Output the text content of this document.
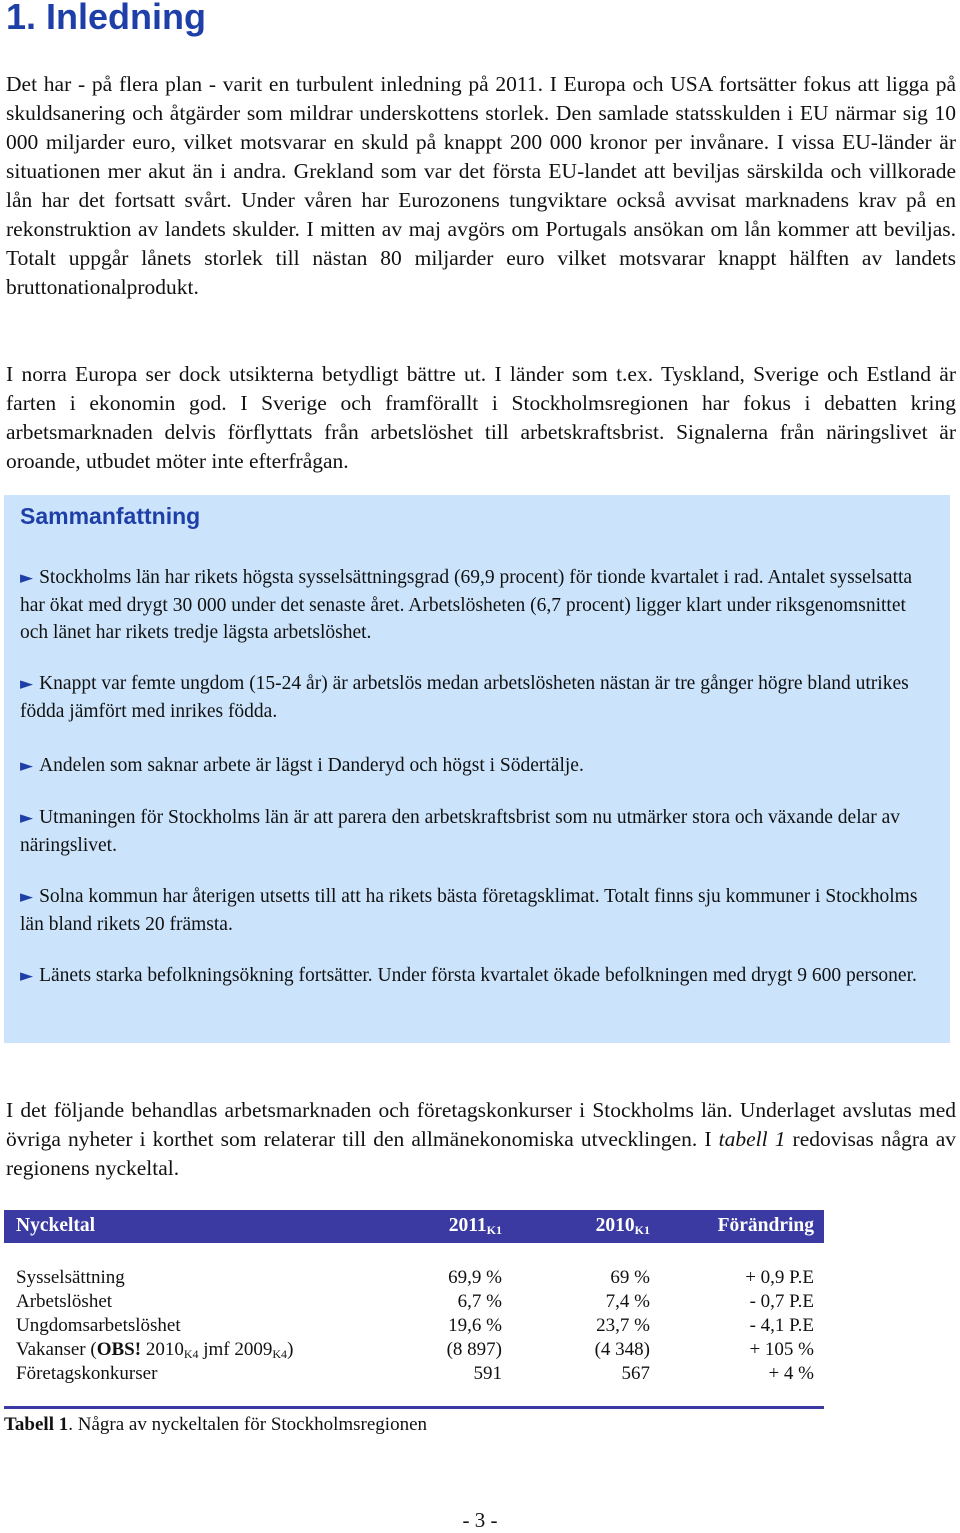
1. Inledning

Det har - på flera plan - varit en turbulent inledning på 2011. I Europa och USA fortsätter fokus att ligga på skuldsanering och åtgärder som mildrar underskottens storlek. Den samlade statsskulden i EU närmar sig 10 000 miljarder euro, vilket motsvarar en skuld på knappt 200 000 kronor per invånare. I vissa EU-länder är situationen mer akut än i andra. Grekland som var det första EU-landet att beviljas särskilda och villkorade lån har det fortsatt svårt. Under våren har Eurozonens tungviktare också avvisat marknadens krav på en rekonstruktion av landets skulder. I mitten av maj avgörs om Portugals ansökan om lån kommer att beviljas. Totalt uppgår lånets storlek till nästan 80 miljarder euro vilket motsvarar knappt hälften av landets bruttonationalprodukt.

I norra Europa ser dock utsikterna betydligt bättre ut. I länder som t.ex. Tyskland, Sverige och Estland är farten i ekonomin god. I Sverige och framförallt i Stockholmsregionen har fokus i debatten kring arbetsmarknaden delvis förflyttats från arbetslöshet till arbetskraftsbrist. Signalerna från näringslivet är oroande, utbudet möter inte efterfrågan.

Sammanfattning

► Stockholms län har rikets högsta sysselsättningsgrad (69,9 procent) för tionde kvartalet i rad. Antalet sysselsatta har ökat med drygt 30 000 under det senaste året. Arbetslösheten (6,7 procent) ligger klart under riksgenomsnittet och länet har rikets tredje lägsta arbetslöshet.

► Knappt var femte ungdom (15-24 år) är arbetslös medan arbetslösheten nästan är tre gånger högre bland utrikes födda jämfört med inrikes födda.

► Andelen som saknar arbete är lägst i Danderyd och högst i Södertälje.

► Utmaningen för Stockholms län är att parera den arbetskraftsbrist som nu utmärker stora och växande delar av näringslivet.

► Solna kommun har återigen utsetts till att ha rikets bästa företagsklimat. Totalt finns sju kommuner i Stockholms län bland rikets 20 främsta.

► Länets starka befolkningsökning fortsätter. Under första kvartalet ökade befolkningen med drygt 9 600 personer.

I det följande behandlas arbetsmarknaden och företagskonkurser i Stockholms län. Underlaget avslutas med övriga nyheter i korthet som relaterar till den allmänekonomiska utvecklingen. I tabell 1 redovisas några av regionens nyckeltal.

Nyckeltal	$2011_{K1}$	$2010_{K1}$	Förändring
Sysselsättning	69,9 %	69 %	+ 0,9 P.E
Arbetslöshet	6,7 %	7,4 %	- 0,7 P.E
Ungdomsarbetslöshet	19,6 %	23,7 %	- 4,1 P.E
Vakanser (OBS! $2010_{K4}$ jmf $2009_{K4}$)	(8 897)	(4 348)	+ 105 %
Företagskonkurser	591	567	+ 4 %

Tabell 1. Några av nyckeltalen för Stockholmsregionen

- 3 -
